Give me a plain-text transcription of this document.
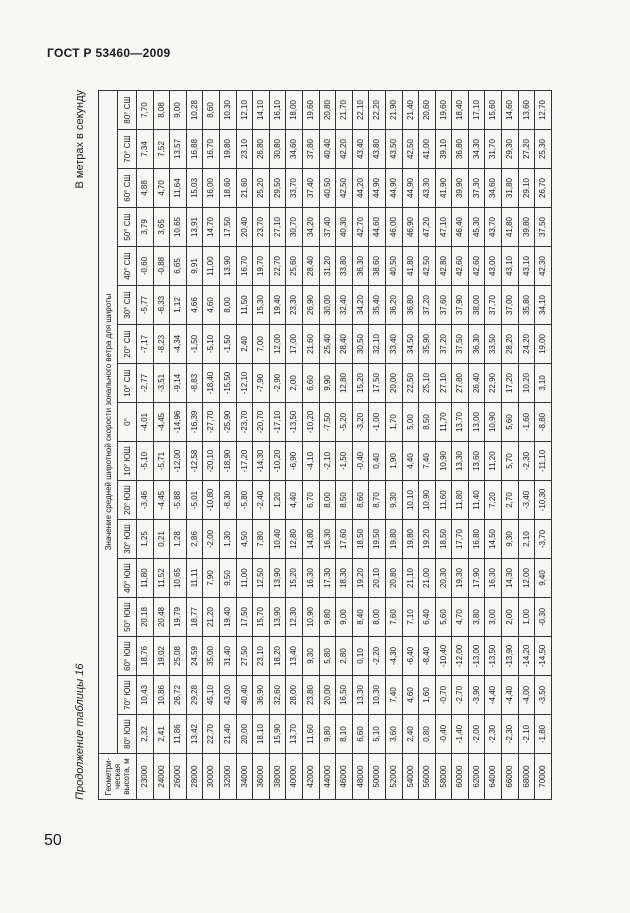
ГОСТ Р 53460—2009
Продолжение таблицы 16
В метрах в секунду
Геометри-ческая высота, м	Значение средней широтной скорости зонального ветра для широты																
	80° ЮШ	70° ЮШ	60° ЮШ	50° ЮШ	40° ЮШ	30° ЮШ	20° ЮШ	10° ЮШ	0°	10° СШ	20° СШ	30° СШ	40° СШ	50° СШ	60° СШ	70° СШ	80° СШ
23000	2,32	10,43	18,76	20,18	11,80	1,25	-3,46	-5,10	-4,01	-2,77	-7,17	-5,77	-0,60	3,79	4,88	7,34	7,70
24000	2,41	10,86	19,02	20,48	11,52	0,21	-4,45	-5,71	-4,45	-3,51	-8,23	-6,33	-0,88	3,65	4,70	7,52	8,08
26000	11,86	26,72	25,08	19,79	10,65	1,28	-5,88	-12,00	-14,96	-9,14	-4,34	1,12	6,65	10,65	11,64	13,57	9,00
28000	13,42	29,28	24,59	18,77	11,11	2,86	-5,01	-12,58	-16,39	-8,83	-1,50	4,66	9,91	13,91	15,03	16,88	10,28
30000	22,70	45,10	35,00	21,20	7,90	-2,00	-10,80	-20,10	-27,70	-18,40	-5,10	4,60	11,00	14,70	16,00	16,70	8,60
32000	21,40	43,00	31,40	19,40	9,50	1,30	-8,30	-18,90	-25,90	-15,50	-1,50	8,00	13,90	17,50	18,60	19,80	10,30
34000	20,00	40,40	27,50	17,50	11,00	4,50	-5,80	-17,20	-23,70	-12,10	2,40	11,50	16,70	20,40	21,60	23,10	12,10
36000	18,10	36,90	23,10	15,70	12,50	7,80	-2,40	-14,30	-20,70	-7,90	7,00	15,30	19,70	23,70	25,20	26,80	14,10
38000	15,90	32,60	18,20	13,90	13,90	10,40	1,20	-10,20	-17,10	-2,90	12,00	19,40	22,70	27,10	29,50	30,80	16,10
40000	13,70	28,00	13,40	12,30	15,20	12,80	4,40	-6,90	-13,50	2,00	17,00	23,30	25,60	30,70	33,70	34,60	18,00
42000	11,60	23,80	9,30	10,90	16,30	14,80	6,70	-4,10	-10,20	6,60	21,60	26,90	28,40	34,20	37,40	37,80	19,60
44000	9,80	20,00	5,80	9,80	17,30	16,30	8,00	-2,10	-7,50	9,90	25,40	30,00	31,20	37,40	40,50	40,40	20,80
46000	8,10	16,50	2,80	9,00	18,30	17,60	8,50	-1,50	-5,20	12,80	28,40	32,40	33,80	40,30	42,50	42,20	21,70
48000	6,60	13,30	0,10	8,40	19,20	18,50	8,60	-0,40	-3,20	15,20	30,50	34,20	36,30	42,70	44,20	43,40	22,10
50000	5,10	10,30	-2,20	8,00	20,10	19,50	8,70	0,40	-1,00	17,50	32,10	35,40	38,60	44,60	44,90	43,80	22,20
52000	3,60	7,40	-4,30	7,60	20,80	19,80	9,30	1,90	1,70	20,00	33,40	36,20	40,50	46,00	44,90	43,50	21,90
54000	2,40	4,60	-6,40	7,10	21,10	19,80	10,10	4,40	5,00	22,50	34,50	36,80	41,80	46,90	44,90	42,50	21,40
56000	0,80	1,60	-8,40	6,40	21,00	19,20	10,90	7,40	8,50	25,10	35,90	37,20	42,50	47,20	43,30	41,00	20,60
58000	-0,40	-0,70	-10,40	5,60	20,30	18,50	11,60	10,90	11,70	27,10	37,20	37,60	42,80	47,10	41,90	39,10	19,60
60000	-1,40	-2,70	-12,00	4,70	19,30	17,70	11,80	13,30	13,70	27,80	37,50	37,90	42,60	46,40	39,90	36,80	18,40
62000	-2,00	-3,90	-13,00	3,80	17,90	16,80	11,40	13,60	13,00	26,40	36,30	38,00	42,60	45,30	37,30	34,30	17,10
64000	-2,30	-4,40	-13,50	3,00	16,30	14,50	7,20	11,20	10,90	22,90	33,50	37,70	43,00	43,70	34,60	31,70	15,60
66000	-2,30	-4,40	-13,90	2,00	14,30	9,30	2,70	5,70	5,60	17,20	28,20	37,00	43,10	41,80	31,80	29,30	14,60
68000	-2,10	-4,00	-14,20	1,00	12,00	2,10	-3,40	-2,30	-1,60	10,20	24,20	35,80	43,10	39,80	29,10	27,20	13,60
70000	-1,80	-3,50	-14,50	-0,30	9,40	-3,70	-10,30	-11,10	-8,80	3,10	19,00	34,10	42,30	37,50	26,70	25,30	12,70
50
